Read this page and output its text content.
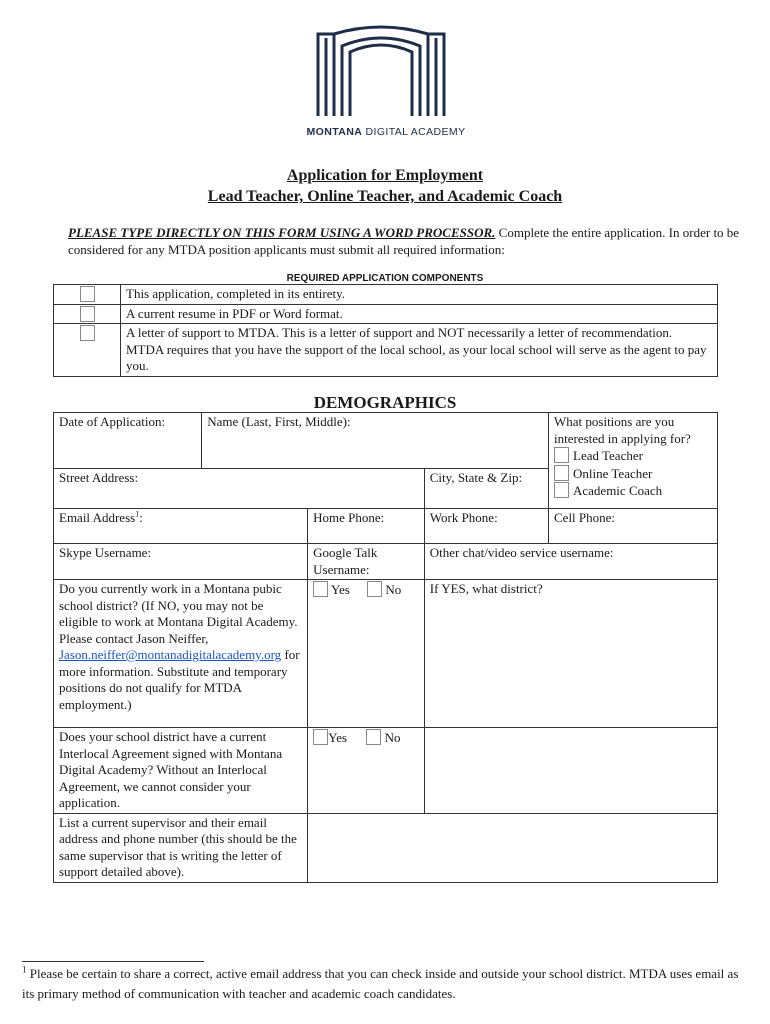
MONTANA DIGITAL ACADEMY
Application for Employment
Lead Teacher, Online Teacher, and Academic Coach
PLEASE TYPE DIRECTLY ON THIS FORM USING A WORD PROCESSOR. Complete the entire application. In order to be considered for any MTDA position applicants must submit all required information:
REQUIRED APPLICATION COMPONENTS
	This application, completed in its entirety.
	A current resume in PDF or Word format.
	A letter of support to MTDA. This is a letter of support and NOT necessarily a letter of recommendation. MTDA requires that you have the support of the local school, as your local school will serve as the agent to pay you.
DEMOGRAPHICS
Date of Application:	Name (Last, First, Middle):			What positions are you interested in applying for?
Lead Teacher
Online Teacher
Academic Coach

Street Address:			City, State & Zip:	
Email Address$^1$:		Home Phone:	Work Phone:	Cell Phone:
Skype Username:		Google Talk Username:	Other chat/video service username:	
Do you currently work in a Montana pubic school district? (If NO, you may not be eligible to work at Montana Digital Academy. Please contact Jason Neiffer, Jason.neiffer@montanadigitalacademy.org for more information. Substitute and temporary positions do not qualify for MTDA employment.)		Yes No	If YES, what district?	
Does your school district have a current Interlocal Agreement signed with Montana Digital Academy? Without an Interlocal Agreement, we cannot consider your application.		Yes No		
List a current supervisor and their email address and phone number (this should be the same supervisor that is writing the letter of support detailed above).				
$^1$ Please be certain to share a correct, active email address that you can check inside and outside your school district. MTDA uses email as its primary method of communication with teacher and academic coach candidates.
